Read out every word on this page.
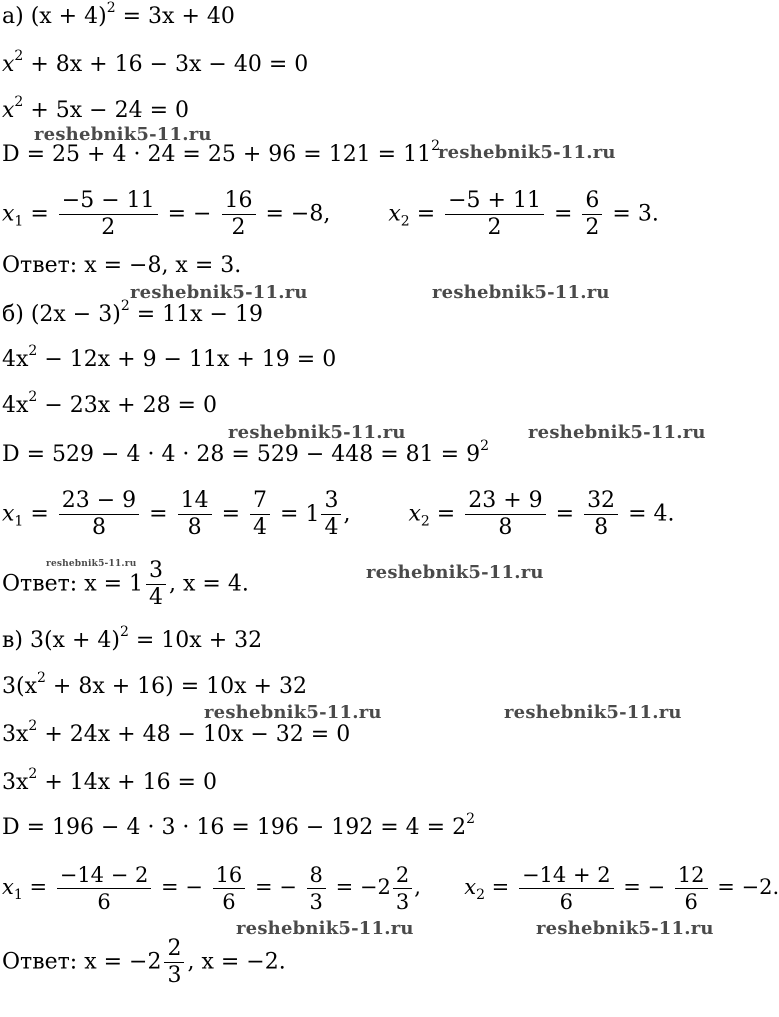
а) $(x + 4)^2 = 3x + 40$
$x^2 + 8x + 16 - 3x - 40 = 0$
$x^2 + 5x - 24 = 0$
$D = 25 + 4 \cdot 24 = 25 + 96 = 121 = 11^2$
$x_1 = \frac{-5 - 11}{2}$ = − $\frac{16}{2} = -8$,	$x_2 = \frac{-5 + 11}{2} = \frac{6}{2} = 3$.
Ответ: x = −8, x = 3.
б) $(2x - 3)^2 = 11x - 19$
$4x^2 - 12x + 9 - 11x + 19 = 0$
$4x^2 - 23x + 28 = 0$
$D = 529 - 4 \cdot 4 \cdot 28 = 529 - 448 = 81 = 9^2$
$x_1 = \frac{23 - 9}{8} = \frac{14}{8} = \frac{7}{4} = 1 \frac{3}{4}$ ,  $x_2 = \frac{23 + 9}{8} = \frac{32}{8} = 4$.
Ответ: $x = 1 \frac{3}{4}$ , x = 4.
в) $3(x + 4)^2 = 10x + 32$
$3(x^2 + 8x + 16) = 10x + 32$
$3x^2 + 24x + 48 - 10x - 32 = 0$
$3x^2 + 14x + 16 = 0$
$D = 196 - 4 \cdot 3 \cdot 16 = 196 - 192 = 4 = 2^2$
$x_1 = \frac{-14 - 2}{6}$ = − $\frac{16}{6}$ = − $\frac{8}{3} = -2 \frac{2}{3}$ ,  $x_2 = \frac{-14 + 2}{6}$ = − $\frac{12}{6} = -2$.
Ответ: $x = -2 \frac{2}{3}$ , x = −2.
reshebnik5-11.ru
reshebnik5-11.ru
reshebnik5-11.ru	reshebnik5-11.ru
reshebnik5-11.ru	reshebnik5-11.ru
reshebnik5-11.ru	reshebnik5-11.ru
reshebnik5-11.ru	reshebnik5-11.ru
reshebnik5-11.ru	reshebnik5-11.ru
